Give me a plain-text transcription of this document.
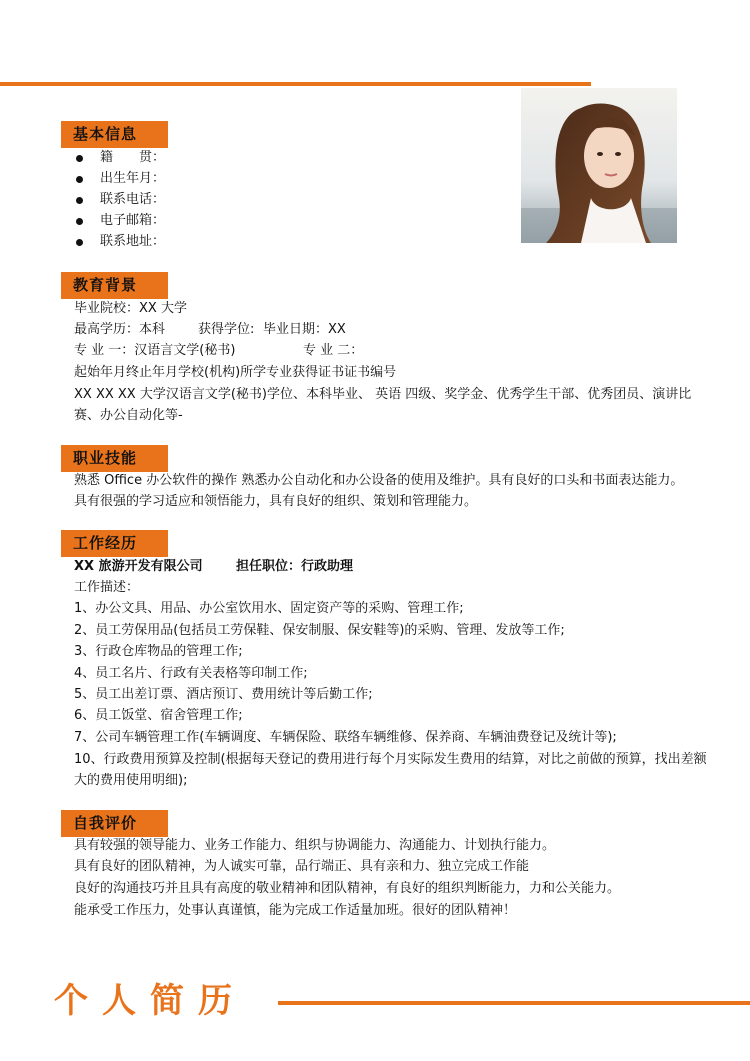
基本信息
籍　　贯：
出生年月：
联系电话：
电子邮箱：
联系地址：
教育背景
毕业院校：XX 大学
最高学历：本科	获得学位: 毕业日期：XX
专 业 一：汉语言文学(秘书)	专 业 二：
起始年月终止年月学校(机构)所学专业获得证书证书编号
XX XX XX 大学汉语言文学(秘书)学位、本科毕业、 英语 四级、奖学金、优秀学生干部、优秀团员、演讲比赛、办公自动化等-
职业技能
熟悉 Office 办公软件的操作 熟悉办公自动化和办公设备的使用及维护。具有良好的口头和书面表达能力。
具有很强的学习适应和领悟能力，具有良好的组织、策划和管理能力。
工作经历
XX 旅游开发有限公司	担任职位：行政助理
工作描述：
1、办公文具、用品、办公室饮用水、固定资产等的采购、管理工作;
2、员工劳保用品(包括员工劳保鞋、保安制服、保安鞋等)的采购、管理、发放等工作;
3、行政仓库物品的管理工作;
4、员工名片、行政有关表格等印制工作;
5、员工出差订票、酒店预订、费用统计等后勤工作;
6、员工饭堂、宿舍管理工作;
7、公司车辆管理工作(车辆调度、车辆保险、联络车辆维修、保养商、车辆油费登记及统计等);
10、行政费用预算及控制(根据每天登记的费用进行每个月实际发生费用的结算，对比之前做的预算，找出差额大的费用使用明细);
自我评价
具有较强的领导能力、业务工作能力、组织与协调能力、沟通能力、计划执行能力。
具有良好的团队精神，为人诚实可靠，品行端正、具有亲和力、独立完成工作能
良好的沟通技巧并且具有高度的敬业精神和团队精神，有良好的组织判断能力，力和公关能力。
能承受工作压力，处事认真谨慎，能为完成工作适量加班。很好的团队精神！
个人简历
